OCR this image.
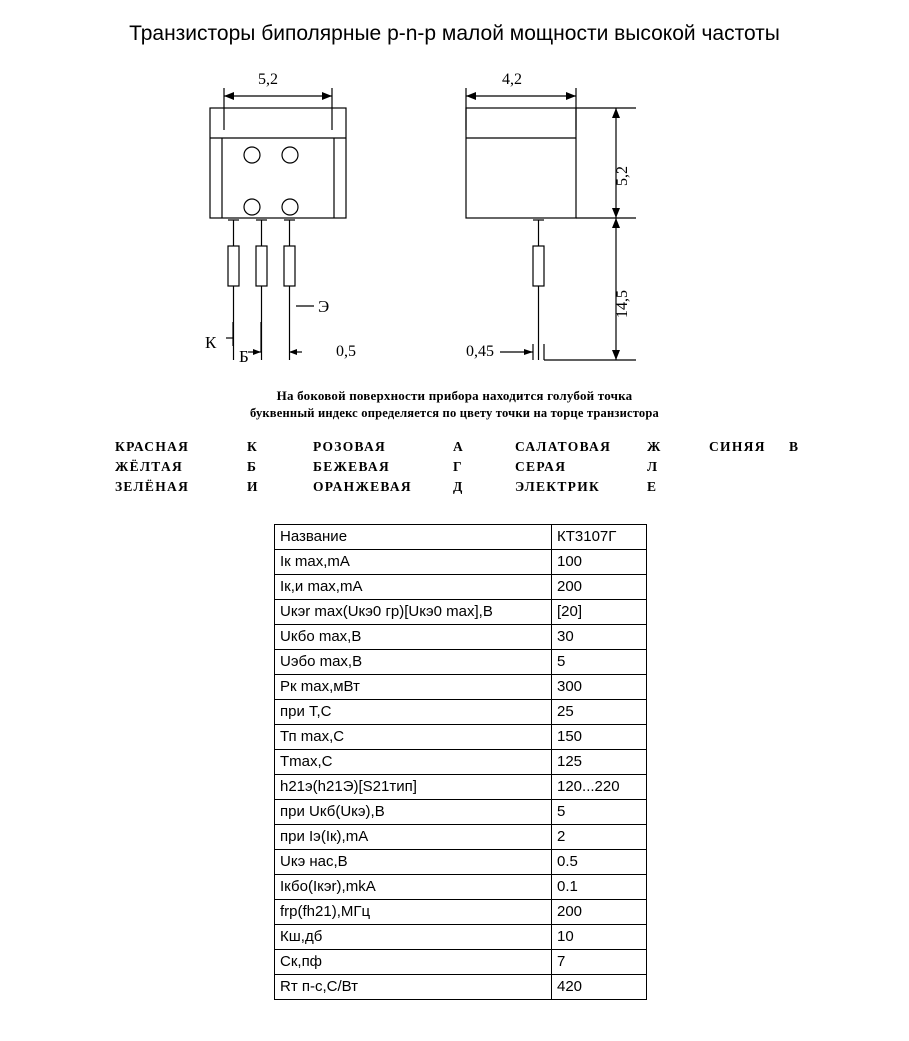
Транзисторы биполярные p-n-p малой мощности высокой частоты
5,2	4,2
5,2
14,5
0,5	0,45
К
Б
Э
На боковой поверхности прибора находится голубой точка
буквенный индекс определяется по цвету точки на торце транзистора
КРАСНАЯ	К	РОЗОВАЯ	А	САЛАТОВАЯ	Ж	СИНЯЯ	В
ЖЁЛТАЯ	Б	БЕЖЕВАЯ	Г	СЕРАЯ	Л		
ЗЕЛЁНАЯ	И	ОРАНЖЕВАЯ	Д	ЭЛЕКТРИК	Е		
Название	КТ3107Г
Iк max,mA	100
Iк,и max,mA	200
Uкэr max(Uкэ0 гр)[Uкэ0 max],В	[20]
Uкбо max,В	30
Uэбо max,В	5
Pк max,мВт	300
при Т,С	25
Тп max,С	150
Тmax,С	125
h21э(h21Э)[S21тип]	120...220
при Uкб(Uкэ),В	5
при Iэ(Iк),mA	2
Uкэ нас,В	0.5
Iкбо(Iкэr),mkA	0.1
frp(fh21),МГц	200
Кш,дб	10
Cк,пф	7
Rт п-с,С/Вт	420
